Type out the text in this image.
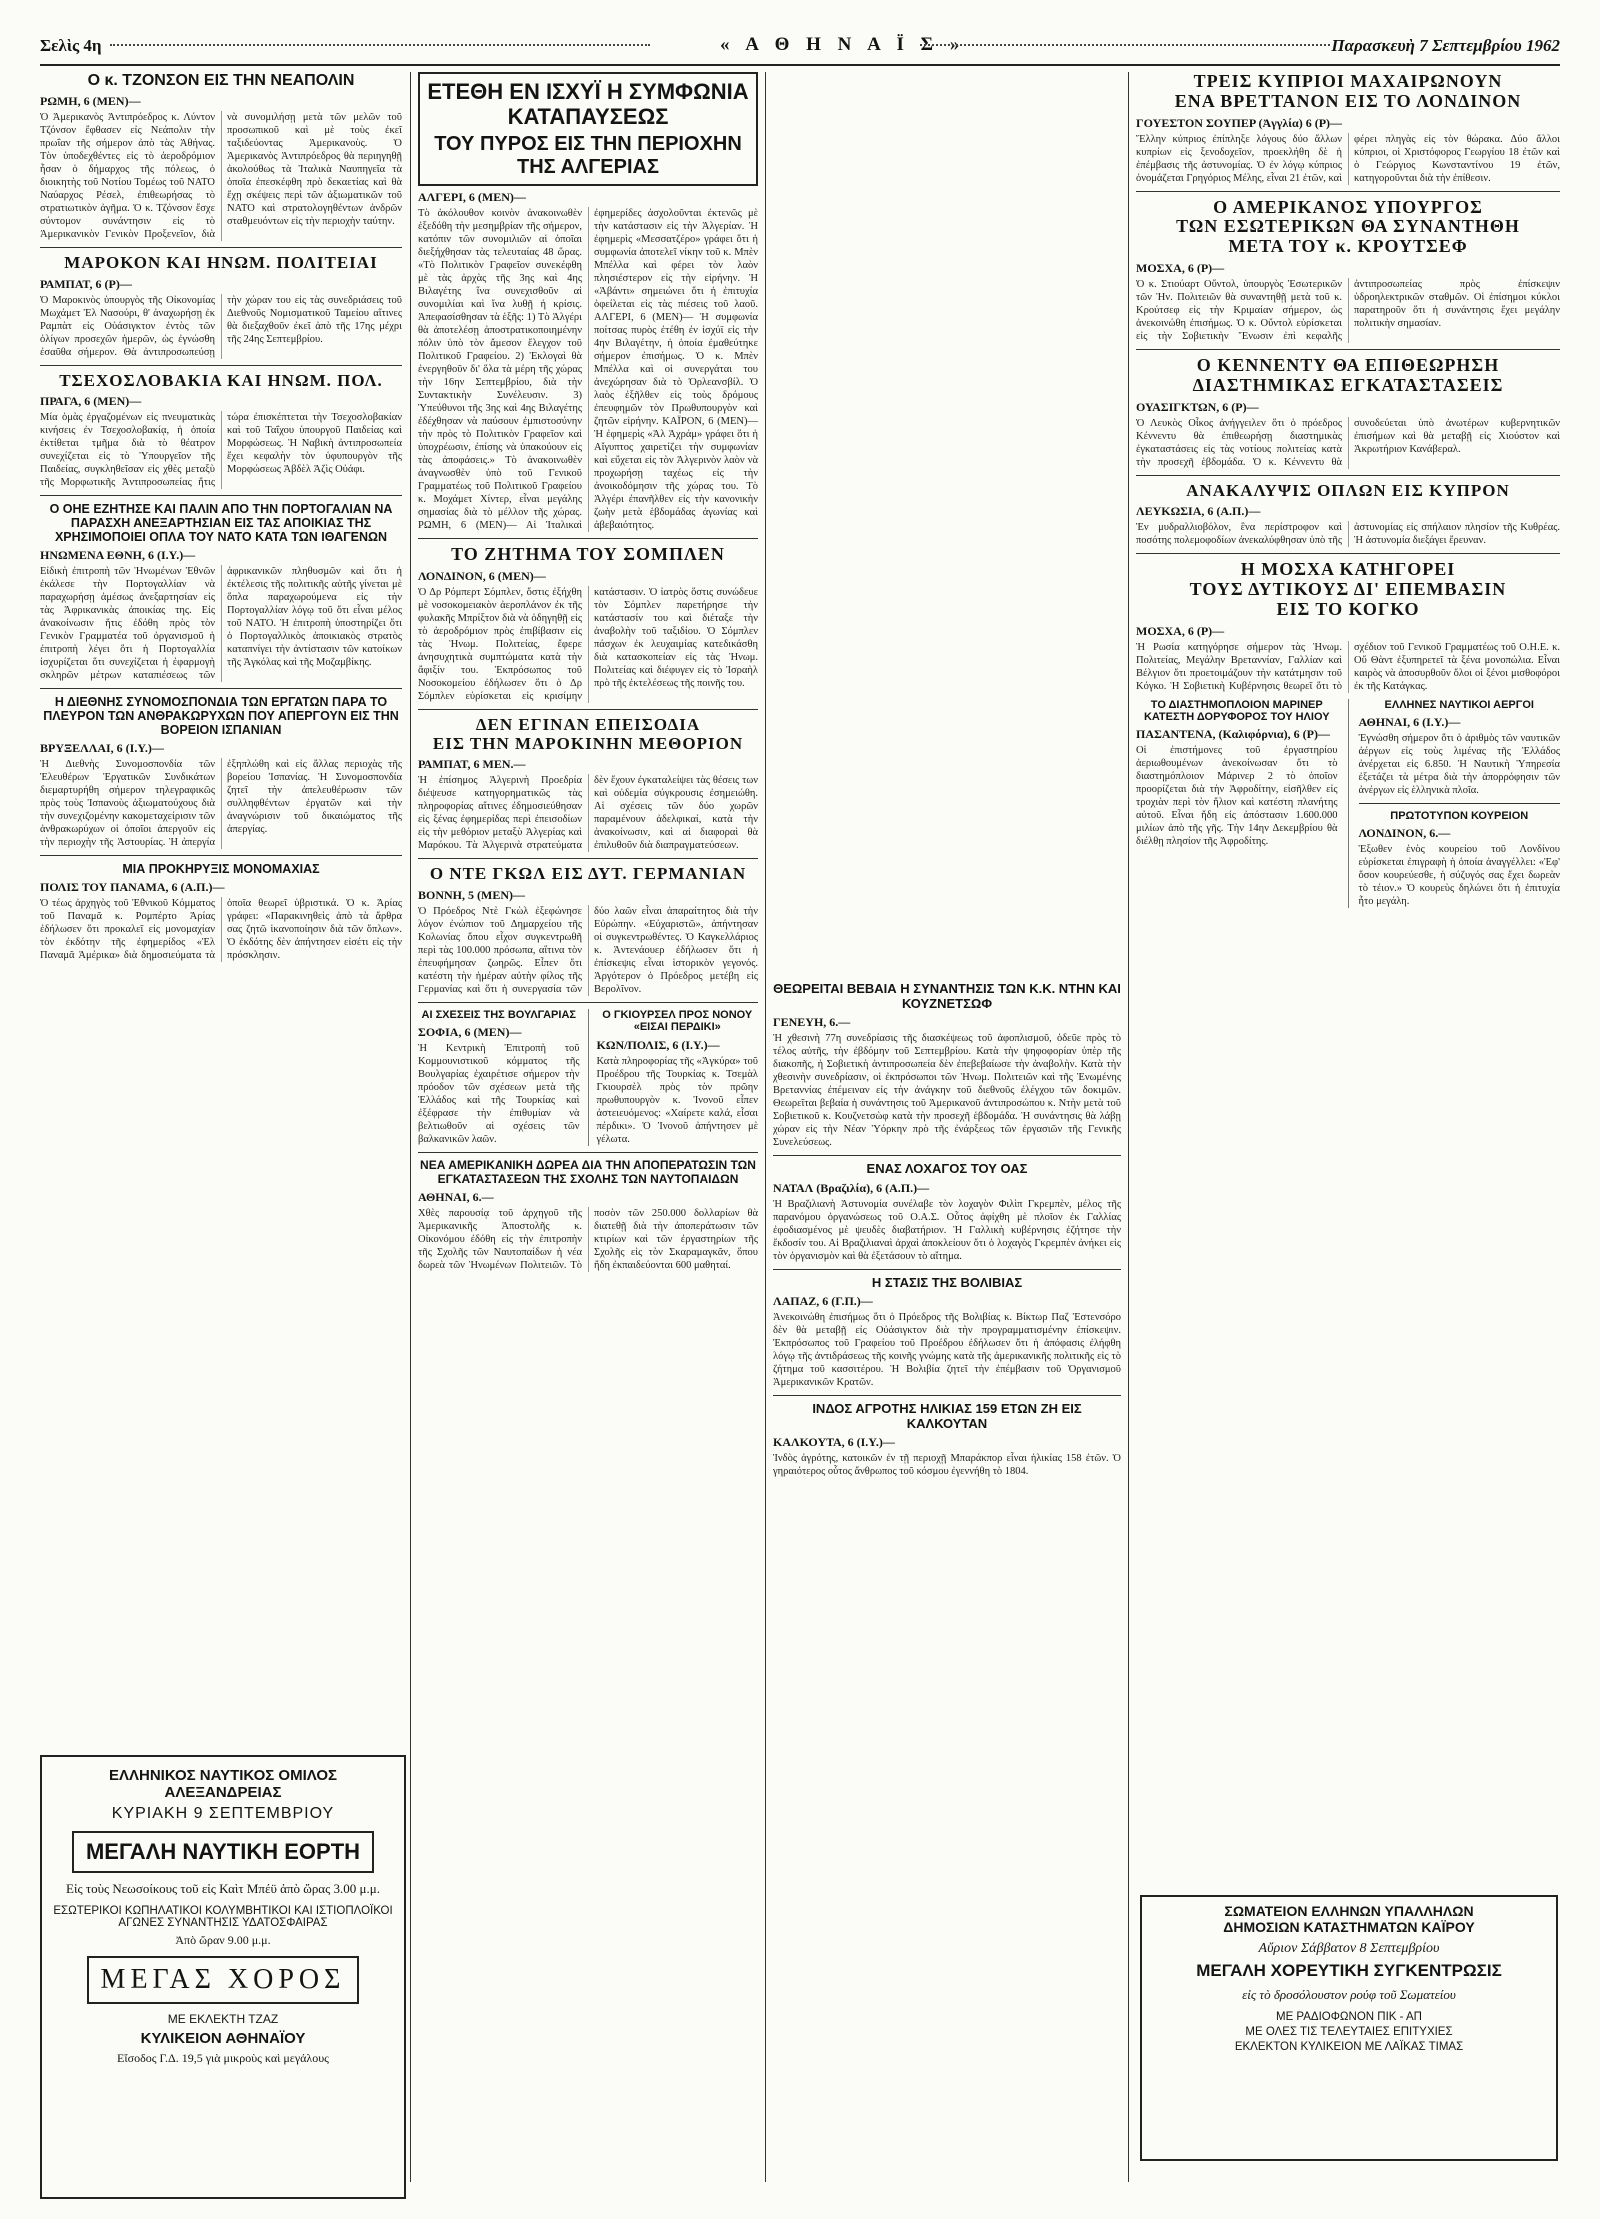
Σελὶς 4η	« Α Θ Η Ν Α Ϊ Σ »	Παρασκευὴ 7 Σεπτεμβρίου 1962
Ο κ. ΤΖΟΝΣΟΝ ΕΙΣ ΤΗΝ ΝΕΑΠΟΛΙΝ
ΡΩΜΗ, 6 (ΜΕΝ)—

Ὁ Ἀμερικανὸς Ἀντιπρόεδρος κ. Λύντον Τζόνσον ἔφθασεν εἰς Νεάπολιν τὴν πρωΐαν τῆς σήμερον ἀπὸ τὰς Ἀθήνας. Τὸν ὑποδεχθέντες εἰς τὸ ἀεροδρόμιον ἦσαν ὁ δήμαρχος τῆς πόλεως, ὁ διοικητὴς τοῦ Νοτίου Τομέως τοῦ ΝΑΤΟ Ναύαρχος Ρέσελ, ἐπιθεωρήσας τὸ στρατιωτικὸν ἀγῆμα. Ὁ κ. Τζόνσον ἔσχε σύντομον συνάντησιν εἰς τὸ Ἀμερικανικὸν Γενικὸν Προξενεῖον, διὰ νὰ συνομιλήσῃ μετὰ τῶν μελῶν τοῦ προσωπικοῦ καὶ μὲ τοὺς ἐκεῖ ταξιδεύοντας Ἀμερικανοὺς. Ὁ Ἀμερικανὸς Ἀντιπρόεδρος θὰ περιηγηθῇ ἀκολούθως τὰ Ἰταλικὰ Ναυπηγεῖα τὰ ὁποῖα ἐπεσκέφθη πρὸ δεκαετίας καὶ θὰ ἔχῃ σκέψεις περὶ τῶν ἀξιωματικῶν τοῦ ΝΑΤΟ καὶ στρατολογηθέντων ἀνδρῶν σταθμευόντων εἰς τὴν περιοχὴν ταύτην.

ΜΑΡΟΚΟΝ ΚΑΙ ΗΝΩΜ. ΠΟΛΙΤΕΙΑΙ
ΡΑΜΠΑΤ, 6 (Ρ)—

Ὁ Μαροκινὸς ὑπουργὸς τῆς Οἰκονομίας Μωχάμετ Ἐλ Νασούρι, θ' ἀναχωρήσῃ ἐκ Ραμπὰτ εἰς Οὐάσιγκτον ἐντὸς τῶν ὀλίγων προσεχῶν ἡμερῶν, ὡς ἐγνώσθη ἐσαῦθα σήμερον. Θὰ ἀντιπροσωπεύσῃ τὴν χώραν του εἰς τὰς συνεδριάσεις τοῦ Διεθνοῦς Νομισματικοῦ Ταμείου αἵτινες θὰ διεξαχθοῦν ἐκεῖ ἀπὸ τῆς 17ης μέχρι τῆς 24ης Σεπτεμβρίου.

ΤΣΕΧΟΣΛΟΒΑΚΙΑ ΚΑΙ ΗΝΩΜ. ΠΟΛ.
ΠΡΑΓΑ, 6 (ΜΕΝ)—

Μία ὁμὰς ἐργαζομένων εἰς πνευματικὰς κινήσεις ἐν Τσεχοσλοβακίᾳ, ἡ ὁποία ἐκτίθεται τμῆμα διὰ τὸ θέατρον συνεχίζεται εἰς τὸ Ὑπουργεῖον τῆς Παιδείας, συγκληθεῖσαν εἰς χθὲς μεταξὺ τῆς Μορφωτικῆς Ἀντιπροσωπείας ἥτις τώρα ἐπισκέπτεται τὴν Τσεχοσλοβακίαν καὶ τοῦ Ταΐχου ὑπουργοῦ Παιδείας καὶ Μορφώσεως. Ἡ Ναβικὴ ἀντιπροσωπεία ἔχει κεφαλὴν τὸν ὑφυπουργὸν τῆς Μορφώσεως Ἀβδὲλ Ἀζὶς Οὐάφι.

Ο ΟΗΕ ΕΖΗΤΗΣΕ ΚΑΙ ΠΑΛΙΝ ΑΠΟ ΤΗΝ ΠΟΡΤΟΓΑΛΙΑΝ ΝΑ ΠΑΡΑΣΧΗ ΑΝΕΞΑΡΤΗΣΙΑΝ ΕΙΣ ΤΑΣ ΑΠΟΙΚΙΑΣ ΤΗΣ ΧΡΗΣΙΜΟΠΟΙΕΙ ΟΠΛΑ ΤΟΥ ΝΑΤΟ ΚΑΤΑ ΤΩΝ ΙΘΑΓΕΝΩΝ
ΗΝΩΜΕΝΑ ΕΘΝΗ, 6 (Ι.Υ.)—

Εἰδικὴ ἐπιτροπὴ τῶν Ἡνωμένων Ἐθνῶν ἐκάλεσε τὴν Πορτογαλλίαν νὰ παραχωρήσῃ ἀμέσως ἀνεξαρτησίαν εἰς τὰς Ἀφρικανικὰς ἀποικίας της. Εἰς ἀνακοίνωσιν ἥτις ἐδόθη πρὸς τὸν Γενικὸν Γραμματέα τοῦ ὀργανισμοῦ ἡ ἐπιτροπὴ λέγει ὅτι ἡ Πορτογαλλία ἰσχυρίζεται ὅτι συνεχίζεται ἡ ἐφαρμογὴ σκληρῶν μέτρων καταπιέσεως τῶν ἀφρικανικῶν πληθυσμῶν καὶ ὅτι ἡ ἐκτέλεσις τῆς πολιτικῆς αὐτῆς γίνεται μὲ ὅπλα παραχωρούμενα εἰς τὴν Πορτογαλλίαν λόγῳ τοῦ ὅτι εἶναι μέλος τοῦ ΝΑΤΟ. Ἡ ἐπιτροπὴ ὑποστηρίζει ὅτι ὁ Πορτογαλλικὸς ἀποικιακὸς στρατὸς καταπνίγει τὴν ἀντίστασιν τῶν κατοίκων τῆς Ἀγκόλας καὶ τῆς Μοζαμβίκης.

Η ΔΙΕΘΝΗΣ ΣΥΝΟΜΟΣΠΟΝΔΙΑ ΤΩΝ ΕΡΓΑΤΩΝ ΠΑΡΑ ΤΟ ΠΛΕΥΡΟΝ ΤΩΝ ΑΝΘΡΑΚΩΡΥΧΩΝ ΠΟΥ ΑΠΕΡΓΟΥΝ ΕΙΣ ΤΗΝ ΒΟΡΕΙΟΝ ΙΣΠΑΝΙΑΝ
ΒΡΥΞΕΛΛΑΙ, 6 (Ι.Υ.)—

Ἡ Διεθνὴς Συνομοσπονδία τῶν Ἐλευθέρων Ἐργατικῶν Συνδικάτων διεμαρτυρήθη σήμερον τηλεγραφικῶς πρὸς τοὺς Ἰσπανοὺς ἀξιωματούχους διὰ τὴν συνεχιζομένην κακομεταχείρισιν τῶν ἀνθρακωρύχων οἱ ὁποῖοι ἀπεργοῦν εἰς τὴν περιοχὴν τῆς Ἀστουρίας. Ἡ ἀπεργία ἐξηπλώθη καὶ εἰς ἄλλας περιοχὰς τῆς βορείου Ἰσπανίας. Ἡ Συνομοσπονδία ζητεῖ τὴν ἀπελευθέρωσιν τῶν συλληφθέντων ἐργατῶν καὶ τὴν ἀναγνώρισιν τοῦ δικαιώματος τῆς ἀπεργίας.

ΜΙΑ ΠΡΟΚΗΡΥΞΙΣ ΜΟΝΟΜΑΧΙΑΣ
ΠΟΛΙΣ ΤΟΥ ΠΑΝΑΜΑ, 6 (Α.Π.)—

Ὁ τέως ἀρχηγὸς τοῦ Ἐθνικοῦ Κόμματος τοῦ Παναμᾶ κ. Ρομπέρτο Ἀρίας ἐδήλωσεν ὅτι προκαλεῖ εἰς μονομαχίαν τὸν ἐκδότην τῆς ἐφημερίδος «Ἐλ Παναμᾶ Ἀμέρικα» διὰ δημοσιεύματα τὰ ὁποῖα θεωρεῖ ὑβριστικά. Ὁ κ. Ἀρίας γράφει: «Παρακινηθεὶς ἀπὸ τὰ ἄρθρα σας ζητῶ ἱκανοποίησιν διὰ τῶν ὅπλων». Ὁ ἐκδότης δὲν ἀπήντησεν εἰσέτι εἰς τὴν πρόσκλησιν.

ΕΛΛΗΝΙΚΟΣ ΝΑΥΤΙΚΟΣ ΟΜΙΛΟΣ ΑΛΕΞΑΝΔΡΕΙΑΣ
ΚΥΡΙΑΚΗ 9 ΣΕΠΤΕΜΒΡΙΟΥ
ΜΕΓΑΛΗ ΝΑΥΤΙΚΗ ΕΟΡΤΗ
Εἰς τοὺς Νεωσοίκους τοῦ εἰς Καὶτ Μπέϋ ἀπὸ ὥρας 3.00 μ.μ.
ΕΣΩΤΕΡΙΚΟΙ ΚΩΠΗΛΑΤΙΚΟΙ ΚΟΛΥΜΒΗΤΙΚΟΙ ΚΑΙ ΙΣΤΙΟΠΛΟΪΚΟΙ ΑΓΩΝΕΣ ΣΥΝΑΝΤΗΣΙΣ ΥΔΑΤΟΣΦΑΙΡΑΣ
Ἀπὸ ὥραν 9.00 μ.μ.
ΜΕΓΑΣ ΧΟΡΟΣ
ΜΕ ΕΚΛΕΚΤΗ ΤΖΑΖ
ΚΥΛΙΚΕΙΟΝ ΑΘΗΝΑΪΟΥ
Εἴσοδος Γ.Δ. 19,5 γιὰ μικροὺς καὶ μεγάλους
ΕΤΕΘΗ ΕΝ ΙΣΧΥΪ Η ΣΥΜΦΩΝΙΑ ΚΑΤΑΠΑΥΣΕΩΣ
ΤΟΥ ΠΥΡΟΣ ΕΙΣ ΤΗΝ ΠΕΡΙΟΧΗΝ ΤΗΣ ΑΛΓΕΡΙΑΣ
ΑΛΓΕΡΙ, 6 (ΜΕΝ)—

Τὸ ἀκόλουθον κοινὸν ἀνακοινωθὲν ἐξεδόθη τὴν μεσημβρίαν τῆς σήμερον, κατόπιν τῶν συνομιλιῶν αἱ ὁποῖαι διεξήχθησαν τὰς τελευταίας 48 ὥρας. «Τὸ Πολιτικὸν Γραφεῖον συνεκέφθη μὲ τὰς ἀρχὰς τῆς 3ης καὶ 4ης Βιλαγέτης ἵνα συνεχισθοῦν αἱ συνομιλίαι καὶ ἵνα λυθῇ ἡ κρίσις. Ἀπεφασίσθησαν τὰ ἑξῆς: 1) Τὸ Ἀλγέρι θὰ ἀποτελέσῃ ἀποστρατικοποιημένην πόλιν ὑπὸ τὸν ἄμεσον ἔλεγχον τοῦ Πολιτικοῦ Γραφείου. 2) Ἐκλογαὶ θὰ ἐνεργηθοῦν δι' ὅλα τὰ μέρη τῆς χώρας τὴν 16ην Σεπτεμβρίου, διὰ τὴν Συντακτικὴν Συνέλευσιν. 3) Ὑπεύθυνοι τῆς 3ης καὶ 4ης Βιλαγέτης ἐδέχθησαν νὰ παύσουν ἐμπιστοσύνην τὴν πρὸς τὸ Πολιτικὸν Γραφεῖον καὶ ὑποχρέωσιν, ἐπίσης νὰ ὑπακούουν εἰς τὰς ἀποφάσεις.» Τὸ ἀνακοινωθὲν ἀναγνωσθὲν ὑπὸ τοῦ Γενικοῦ Γραμματέως τοῦ Πολιτικοῦ Γραφείου κ. Μοχάμετ Χίντερ, εἶναι μεγάλης σημασίας διὰ τὸ μέλλον τῆς χώρας. ΡΩΜΗ, 6 (ΜΕΝ)— Αἱ Ἰταλικαὶ ἐφημερίδες ἀσχολοῦνται ἐκτενῶς μὲ τὴν κατάστασιν εἰς τὴν Ἀλγερίαν. Ἡ ἐφημερὶς «Μεσσατζέρο» γράφει ὅτι ἡ συμφωνία ἀποτελεῖ νίκην τοῦ κ. Μπὲν Μπέλλα καὶ φέρει τὸν λαὸν πλησιέστερον εἰς τὴν εἰρήνην. Ἡ «Ἀβάντι» σημειώνει ὅτι ἡ ἐπιτυχία ὀφείλεται εἰς τὰς πιέσεις τοῦ λαοῦ. ΑΛΓΕΡΙ, 6 (ΜΕΝ)— Ἡ συμφωνία ποίτσας πυρὸς ἐτέθη ἐν ἰσχύϊ εἰς τὴν 4ην Βιλαγέτην, ἡ ὁποία ἐμαθεύτηκε σήμερον ἐπισήμως. Ὁ κ. Μπὲν Μπέλλα καὶ οἱ συνεργάται του ἀνεχώρησαν διὰ τὸ Ὀρλεανσβίλ. Ὁ λαὸς ἐξῆλθεν εἰς τοὺς δρόμους ἐπευφημῶν τὸν Πρωθυπουργὸν καὶ ζητῶν εἰρήνην. ΚΑΪΡΟΝ, 6 (ΜΕΝ)— Ἡ ἐφημερὶς «Ἀλ Ἀχράμ» γράφει ὅτι ἡ Αἴγυπτος χαιρετίζει τὴν συμφωνίαν καὶ εὔχεται εἰς τὸν Ἀλγερινὸν λαὸν νὰ προχωρήσῃ ταχέως εἰς τὴν ἀνοικοδόμησιν τῆς χώρας του. Τὸ Ἀλγέρι ἐπανῆλθεν εἰς τὴν κανονικὴν ζωὴν μετὰ ἑβδομάδας ἀγωνίας καὶ ἀβεβαιότητος.

ΤΟ ΖΗΤΗΜΑ ΤΟΥ ΣΟΜΠΛΕΝ
ΛΟΝΔΙΝΟΝ, 6 (ΜΕΝ)—

Ὁ Δρ Ρόμπερτ Σόμπλεν, ὅστις ἐξήχθη μὲ νοσοκομειακὸν ἀεροπλάνον ἐκ τῆς φυλακῆς Μπρίξτον διὰ νὰ ὁδηγηθῇ εἰς τὸ ἀεροδρόμιον πρὸς ἐπιβίβασιν εἰς τὰς Ἡνωμ. Πολιτείας, ἔφερε ἀνησυχητικὰ συμπτώματα κατὰ τὴν ἄφιξίν του. Ἐκπρόσωπος τοῦ Νοσοκομείου ἐδήλωσεν ὅτι ὁ Δρ Σόμπλεν εὑρίσκεται εἰς κρισίμην κατάστασιν. Ὁ ἰατρὸς ὅστις συνώδευε τὸν Σόμπλεν παρετήρησε τὴν κατάστασίν του καὶ διέταξε τὴν ἀναβολὴν τοῦ ταξιδίου. Ὁ Σόμπλεν πάσχων ἐκ λευχαιμίας κατεδικάσθη διὰ κατασκοπείαν εἰς τὰς Ἡνωμ. Πολιτείας καὶ διέφυγεν εἰς τὸ Ἰσραὴλ πρὸ τῆς ἐκτελέσεως τῆς ποινῆς του.

ΔΕΝ ΕΓΙΝΑΝ ΕΠΕΙΣΟΔΙΑ
ΕΙΣ ΤΗΝ ΜΑΡΟΚΙΝΗΝ ΜΕΘΟΡΙΟΝ
ΡΑΜΠΑΤ, 6 ΜΕΝ.—

Ἡ ἐπίσημος Ἀλγερινὴ Προεδρία διέψευσε κατηγορηματικῶς τὰς πληροφορίας αἵτινες ἐδημοσιεύθησαν εἰς ξένας ἐφημερίδας περὶ ἐπεισοδίων εἰς τὴν μεθόριον μεταξὺ Ἀλγερίας καὶ Μαρόκου. Τὰ Ἀλγερινὰ στρατεύματα δὲν ἔχουν ἐγκαταλείψει τὰς θέσεις των καὶ οὐδεμία σύγκρουσις ἐσημειώθη. Αἱ σχέσεις τῶν δύο χωρῶν παραμένουν ἀδελφικαί, κατὰ τὴν ἀνακοίνωσιν, καὶ αἱ διαφοραὶ θὰ ἐπιλυθοῦν διὰ διαπραγματεύσεων.

Ο ΝΤΕ ΓΚΩΛ ΕΙΣ ΔΥΤ. ΓΕΡΜΑΝΙΑΝ
ΒΟΝΝΗ, 5 (ΜΕΝ)—

Ὁ Πρόεδρος Ντὲ Γκὼλ ἐξεφώνησε λόγον ἐνώπιον τοῦ Δημαρχείου τῆς Κολωνίας ὅπου εἶχον συγκεντρωθῆ περὶ τὰς 100.000 πρόσωπα, αἵτινα τὸν ἐπευφήμησαν ζωηρῶς. Εἶπεν ὅτι κατέστη τὴν ἡμέραν αὐτὴν φίλος τῆς Γερμανίας καὶ ὅτι ἡ συνεργασία τῶν δύο λαῶν εἶναι ἀπαραίτητος διὰ τὴν Εὐρώπην. «Εὐχαριστῶ», ἀπήντησαν οἱ συγκεντρωθέντες. Ὁ Καγκελλάριος κ. Ἀντενάουερ ἐδήλωσεν ὅτι ἡ ἐπίσκεψις εἶναι ἱστορικὸν γεγονός. Ἀργότερον ὁ Πρόεδρος μετέβη εἰς Βερολῖνον.

ΑΙ ΣΧΕΣΕΙΣ ΤΗΣ ΒΟΥΛΓΑΡΙΑΣ
ΣΟΦΙΑ, 6 (ΜΕΝ)—

Ἡ Κεντρικὴ Ἐπιτροπὴ τοῦ Κομμουνιστικοῦ κόμματος τῆς Βουλγαρίας ἐχαιρέτισε σήμερον τὴν πρόοδον τῶν σχέσεων μετὰ τῆς Ἑλλάδος καὶ τῆς Τουρκίας καὶ ἐξέφρασε τὴν ἐπιθυμίαν νὰ βελτιωθοῦν αἱ σχέσεις τῶν βαλκανικῶν λαῶν.

Ο ΓΚΙΟΥΡΣΕΛ ΠΡΟΣ ΝΟΝΟΥ «ΕΙΣΑΙ ΠΕΡΔΙΚΙ»
ΚΩΝ/ΠΟΛΙΣ, 6 (Ι.Υ.)—

Κατὰ πληροφορίας τῆς «Ἀγκύρα» τοῦ Προέδρου τῆς Τουρκίας κ. Τσεμὰλ Γκιουρσὲλ πρὸς τὸν πρῶην πρωθυπουργὸν κ. Ἰνονοῦ εἶπεν ἀστειευόμενος: «Χαίρετε καλά, εἶσαι πέρδικι». Ὁ Ἰνονοῦ ἀπήντησεν μὲ γέλωτα.

ΝΕΑ ΑΜΕΡΙΚΑΝΙΚΗ ΔΩΡΕΑ ΔΙΑ ΤΗΝ ΑΠΟΠΕΡΑΤΩΣΙΝ ΤΩΝ ΕΓΚΑΤΑΣΤΑΣΕΩΝ ΤΗΣ ΣΧΟΛΗΣ ΤΩΝ ΝΑΥΤΟΠΑΙΔΩΝ
ΑΘΗΝΑΙ, 6.—

Χθὲς παρουσίᾳ τοῦ ἀρχηγοῦ τῆς Ἀμερικανικῆς Ἀποστολῆς κ. Οἰκονόμου ἐδόθη εἰς τὴν ἐπιτροπὴν τῆς Σχολῆς τῶν Ναυτοπαίδων ἡ νέα δωρεὰ τῶν Ἡνωμένων Πολιτειῶν. Τὸ ποσὸν τῶν 250.000 δολλαρίων θὰ διατεθῇ διὰ τὴν ἀποπεράτωσιν τῶν κτιρίων καὶ τῶν ἐργαστηρίων τῆς Σχολῆς εἰς τὸν Σκαραμαγκᾶν, ὅπου ἤδη ἐκπαιδεύονται 600 μαθηταί.

ΘΕΩΡΕΙΤΑΙ ΒΕΒΑΙΑ Η ΣΥΝΑΝΤΗΣΙΣ ΤΩΝ Κ.Κ. ΝΤΗΝ ΚΑΙ ΚΟΥΖΝΕΤΣΩΦ
ΓΕΝΕΥΗ, 6.—

Ἡ χθεσινὴ 77η συνεδρίασις τῆς διασκέψεως τοῦ ἀφοπλισμοῦ, ὁδεῦε πρὸς τὸ τέλος αὐτῆς, τὴν ἐβδόμην τοῦ Σεπτεμβρίου. Κατὰ τὴν ψηφοφορίαν ὑπὲρ τῆς διακοπῆς, ἡ Σοβιετικὴ ἀντιπροσωπεία δὲν ἐπεβεβαίωσε τὴν ἀναβολὴν. Κατὰ τὴν χθεσινὴν συνεδρίασιν, οἱ ἐκπρόσωποι τῶν Ἡνωμ. Πολιτειῶν καὶ τῆς Ἑνωμένης Βρεταννίας ἐπέμειναν εἰς τὴν ἀνάγκην τοῦ διεθνοῦς ἐλέγχου τῶν δοκιμῶν. Θεωρεῖται βεβαία ἡ συνάντησις τοῦ Ἀμερικανοῦ ἀντιπροσώπου κ. Ντὴν μετὰ τοῦ Σοβιετικοῦ κ. Κουζνετσὼφ κατὰ τὴν προσεχῆ ἑβδομάδα. Ἡ συνάντησις θὰ λάβῃ χώραν εἰς τὴν Νέαν Ὑόρκην πρὸ τῆς ἐνάρξεως τῶν ἐργασιῶν τῆς Γενικῆς Συνελεύσεως.

ΕΝΑΣ ΛΟΧΑΓΟΣ ΤΟΥ ΟΑΣ
ΝΑΤΑΛ (Βραζιλία), 6 (Α.Π.)—

Ἡ Βραζιλιανὴ Ἀστυνομία συνέλαβε τὸν λοχαγὸν Φιλὶπ Γκρεμπὲν, μέλος τῆς παρανόμου ὀργανώσεως τοῦ Ο.Α.Σ. Οὗτος ἀφίχθη μὲ πλοῖον ἐκ Γαλλίας ἐφοδιασμένος μὲ ψευδὲς διαβατήριον. Ἡ Γαλλικὴ κυβέρνησις ἐζήτησε τὴν ἔκδοσίν του. Αἱ Βραζιλιαναὶ ἀρχαὶ ἀποκλείουν ὅτι ὁ λοχαγὸς Γκρεμπὲν ἀνήκει εἰς τὸν ὀργανισμὸν καὶ θὰ ἐξετάσουν τὸ αἴτημα.

Η ΣΤΑΣΙΣ ΤΗΣ ΒΟΛΙΒΙΑΣ
ΛΑΠΑΖ, 6 (Γ.Π.)—

Ἀνεκοινώθη ἐπισήμως ὅτι ὁ Πρόεδρος τῆς Βολιβίας κ. Βίκτωρ Παζ Ἐστενσόρο δὲν θὰ μεταβῇ εἰς Οὐάσιγκτον διὰ τὴν προγραμματισμένην ἐπίσκεψιν. Ἐκπρόσωπος τοῦ Γραφείου τοῦ Προέδρου ἐδήλωσεν ὅτι ἡ ἀπόφασις ἐλήφθη λόγῳ τῆς ἀντιδράσεως τῆς κοινῆς γνώμης κατὰ τῆς ἀμερικανικῆς πολιτικῆς εἰς τὸ ζήτημα τοῦ κασσιτέρου. Ἡ Βολιβία ζητεῖ τὴν ἐπέμβασιν τοῦ Ὀργανισμοῦ Ἀμερικανικῶν Κρατῶν.

ΙΝΔΟΣ ΑΓΡΟΤΗΣ ΗΛΙΚΙΑΣ 159 ΕΤΩΝ ΖΗ ΕΙΣ ΚΑΛΚΟΥΤΑΝ
ΚΑΛΚΟΥΤΑ, 6 (Ι.Υ.)—

Ἰνδὸς ἀγρότης, κατοικῶν ἐν τῇ περιοχῇ Μπαράκπορ εἶναι ἡλικίας 158 ἐτῶν. Ὁ γηραιότερος οὗτος ἄνθρωπος τοῦ κόσμου ἐγεννήθη τὸ 1804.

ΤΡΕΙΣ ΚΥΠΡΙΟΙ ΜΑΧΑΙΡΩΝΟΥΝ
ΕΝΑ ΒΡΕΤΤΑΝΟΝ ΕΙΣ ΤΟ ΛΟΝΔΙΝΟΝ
ΓΟΥΕΣΤΟΝ ΣΟΥΠΕΡ (Ἀγγλία) 6 (Ρ)—

Ἕλλην κύπριος ἐπίπληξε λόγους δύο ἄλλων κυπρίων εἰς ξενοδοχεῖον, προεκλήθη δὲ ἡ ἐπέμβασις τῆς ἀστυνομίας. Ὁ ἐν λόγῳ κύπριος ὀνομάζεται Γρηγόριος Μέλης, εἶναι 21 ἐτῶν, καὶ φέρει πληγὰς εἰς τὸν θώρακα. Δύο ἄλλοι κύπριοι, οἱ Χριστόφορος Γεωργίου 18 ἐτῶν καὶ ὁ Γεώργιος Κωνσταντίνου 19 ἐτῶν, κατηγοροῦνται διὰ τὴν ἐπίθεσιν.

Ο ΑΜΕΡΙΚΑΝΟΣ ΥΠΟΥΡΓΟΣ
ΤΩΝ ΕΣΩΤΕΡΙΚΩΝ ΘΑ ΣΥΝΑΝΤΗΘΗ
ΜΕΤΑ ΤΟΥ κ. ΚΡΟΥΤΣΕΦ
ΜΟΣΧΑ, 6 (Ρ)—

Ὁ κ. Στιούαρτ Οὔντολ, ὑπουργὸς Ἐσωτερικῶν τῶν Ἡν. Πολιτειῶν θὰ συναντηθῇ μετὰ τοῦ κ. Κρούτσεφ εἰς τὴν Κριμαίαν σήμερον, ὡς ἀνεκοινώθη ἐπισήμως. Ὁ κ. Οὔντολ εὑρίσκεται εἰς τὴν Σοβιετικὴν Ἕνωσιν ἐπὶ κεφαλῆς ἀντιπροσωπείας πρὸς ἐπίσκεψιν ὑδροηλεκτρικῶν σταθμῶν. Οἱ ἐπίσημοι κύκλοι παρατηροῦν ὅτι ἡ συνάντησις ἔχει μεγάλην πολιτικὴν σημασίαν.

Ο ΚΕΝΝΕΝΤΥ ΘΑ ΕΠΙΘΕΩΡΗΣΗ
ΔΙΑΣΤΗΜΙΚΑΣ ΕΓΚΑΤΑΣΤΑΣΕΙΣ
ΟΥΑΣΙΓΚΤΩΝ, 6 (Ρ)—

Ὁ Λευκὸς Οἶκος ἀνήγγειλεν ὅτι ὁ πρόεδρος Κέννεντυ θὰ ἐπιθεωρήσῃ διαστημικὰς ἐγκαταστάσεις εἰς τὰς νοτίους πολιτείας κατὰ τὴν προσεχῆ ἑβδομάδα. Ὁ κ. Κέννεντυ θὰ συνοδεύεται ὑπὸ ἀνωτέρων κυβερνητικῶν ἐπισήμων καὶ θὰ μεταβῇ εἰς Χιούστον καὶ Ἀκρωτήριον Κανάβεραλ.

ΑΝΑΚΑΛΥΨΙΣ ΟΠΛΩΝ ΕΙΣ ΚΥΠΡΟΝ
ΛΕΥΚΩΣΙΑ, 6 (Α.Π.)—

Ἐν μυδραλλιοβόλον, ἓνα περίστροφον καὶ ποσότης πολεμοφοδίων ἀνεκαλύφθησαν ὑπὸ τῆς ἀστυνομίας εἰς σπήλαιον πλησίον τῆς Κυθρέας. Ἡ ἀστυνομία διεξάγει ἔρευναν.

Η ΜΟΣΧΑ ΚΑΤΗΓΟΡΕΙ
ΤΟΥΣ ΔΥΤΙΚΟΥΣ ΔΙ' ΕΠΕΜΒΑΣΙΝ
ΕΙΣ ΤΟ ΚΟΓΚΟ
ΜΟΣΧΑ, 6 (Ρ)—

Ἡ Ρωσία κατηγόρησε σήμερον τὰς Ἡνωμ. Πολιτείας, Μεγάλην Βρεταννίαν, Γαλλίαν καὶ Βέλγιον ὅτι προετοιμάζουν τὴν κατάτμησιν τοῦ Κόγκο. Ἡ Σοβιετικὴ Κυβέρνησις θεωρεῖ ὅτι τὸ σχέδιον τοῦ Γενικοῦ Γραμματέως τοῦ Ο.Η.Ε. κ. Οὔ Θὰντ ἐξυπηρετεῖ τὰ ξένα μονοπώλια. Εἶναι καιρὸς νὰ ἀποσυρθοῦν ὅλοι οἱ ξένοι μισθοφόροι ἐκ τῆς Κατάγκας.

ΤΟ ΔΙΑΣΤΗΜΟΠΛΟΙΟΝ ΜΑΡΙΝΕΡ ΚΑΤΕΣΤΗ ΔΟΡΥΦΟΡΟΣ ΤΟΥ ΗΛΙΟΥ
ΠΑΣΑΝΤΕΝΑ, (Καλιφόρνια), 6 (Ρ)—

Οἱ ἐπιστήμονες τοῦ ἐργαστηρίου ἀεριωθουμένων ἀνεκοίνωσαν ὅτι τὸ διαστημόπλοιον Μάρινερ 2 τὸ ὁποῖον προορίζεται διὰ τὴν Ἀφροδίτην, εἰσῆλθεν εἰς τροχιὰν περὶ τὸν ἥλιον καὶ κατέστη πλανήτης αὐτοῦ. Εἶναι ἤδη εἰς ἀπόστασιν 1.600.000 μιλίων ἀπὸ τῆς γῆς. Τὴν 14ην Δεκεμβρίου θὰ διέλθῃ πλησίον τῆς Ἀφροδίτης.

ΕΛΛΗΝΕΣ ΝΑΥΤΙΚΟΙ ΑΕΡΓΟΙ
ΑΘΗΝΑΙ, 6 (Ι.Υ.)—

Ἐγνώσθη σήμερον ὅτι ὁ ἀριθμὸς τῶν ναυτικῶν ἀέργων εἰς τοὺς λιμένας τῆς Ἑλλάδος ἀνέρχεται εἰς 6.850. Ἡ Ναυτικὴ Ὑπηρεσία ἐξετάζει τὰ μέτρα διὰ τὴν ἀπορρόφησιν τῶν ἀνέργων εἰς ἑλληνικὰ πλοῖα.

ΠΡΩΤΟΤΥΠΟΝ ΚΟΥΡΕΙΟΝ
ΛΟΝΔΙΝΟΝ, 6.—

Ἐξωθεν ἑνὸς κουρείου τοῦ Λονδίνου εὑρίσκεται ἐπιγραφὴ ἡ ὁποία ἀναγγέλλει: «Ἐφ' ὅσον κουρεύεσθε, ἡ σύζυγός σας ἔχει δωρεὰν τὸ τέιον.» Ὁ κουρεὺς δηλώνει ὅτι ἡ ἐπιτυχία ἦτο μεγάλη.

ΣΩΜΑΤΕΙΟΝ ΕΛΛΗΝΩΝ ΥΠΑΛΛΗΛΩΝ
ΔΗΜΟΣΙΩΝ ΚΑΤΑΣΤΗΜΑΤΩΝ ΚΑΪΡΟΥ
Αὔριον Σάββατον 8 Σεπτεμβρίου
ΜΕΓΑΛΗ ΧΟΡΕΥΤΙΚΗ ΣΥΓΚΕΝΤΡΩΣΙΣ
εἰς τὸ δροσόλουστον ρούφ τοῦ Σωματείου
ΜΕ ΡΑΔΙΟΦΩΝΟΝ ΠΙΚ - ΑΠ
ΜΕ ΟΛΕΣ ΤΙΣ ΤΕΛΕΥΤΑΙΕΣ ΕΠΙΤΥΧΙΕΣ
ΕΚΛΕΚΤΟΝ ΚΥΛΙΚΕΙΟΝ ΜΕ ΛΑΪΚΑΣ ΤΙΜΑΣ
